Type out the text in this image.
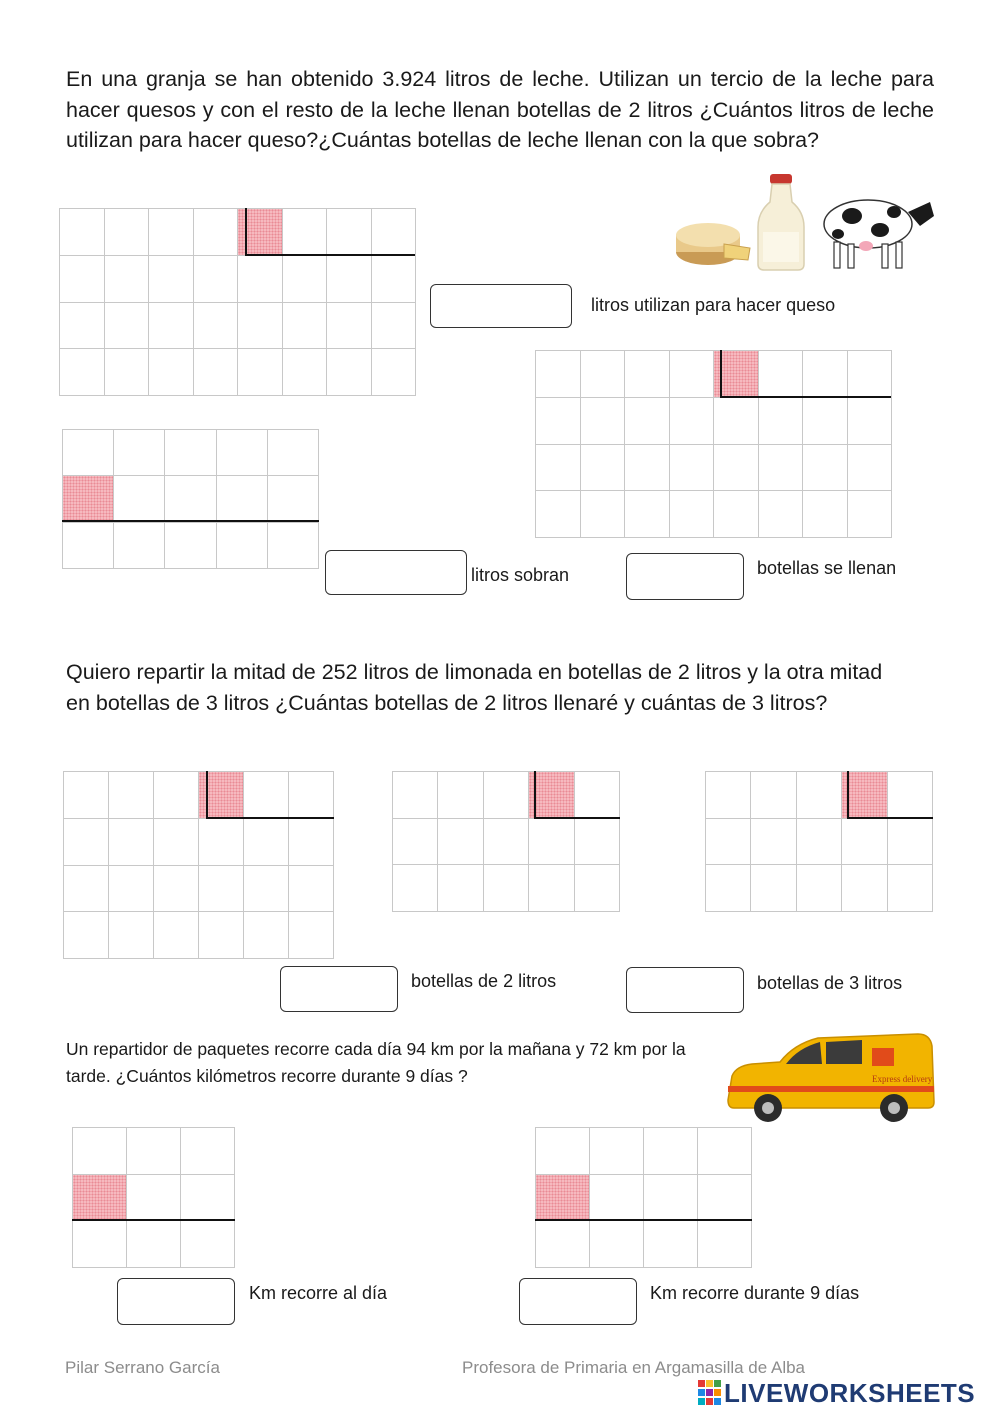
En una granja se han obtenido 3.924 litros de leche. Utilizan un tercio de la leche para hacer quesos y con el resto de la leche llenan botellas de 2 litros ¿Cuántos litros de leche utilizan para hacer queso?¿Cuántas botellas de leche llenan con la que sobra?
litros utilizan para hacer queso
litros sobran	botellas se llenan
Quiero repartir la mitad de 252 litros de limonada en botellas de 2 litros y la otra mitad en botellas de 3 litros ¿Cuántas botellas de 2 litros llenaré y cuántas de 3 litros?
botellas de 2 litros	botellas de 3 litros
Un repartidor de paquetes recorre cada día 94 km por la mañana y 72 km por la tarde. ¿Cuántos kilómetros recorre durante 9 días ?	Express delivery
Km recorre al día	Km recorre durante 9 días
Pilar Serrano García	Profesora de Primaria en Argamasilla de Alba
LIVEWORKSHEETS
